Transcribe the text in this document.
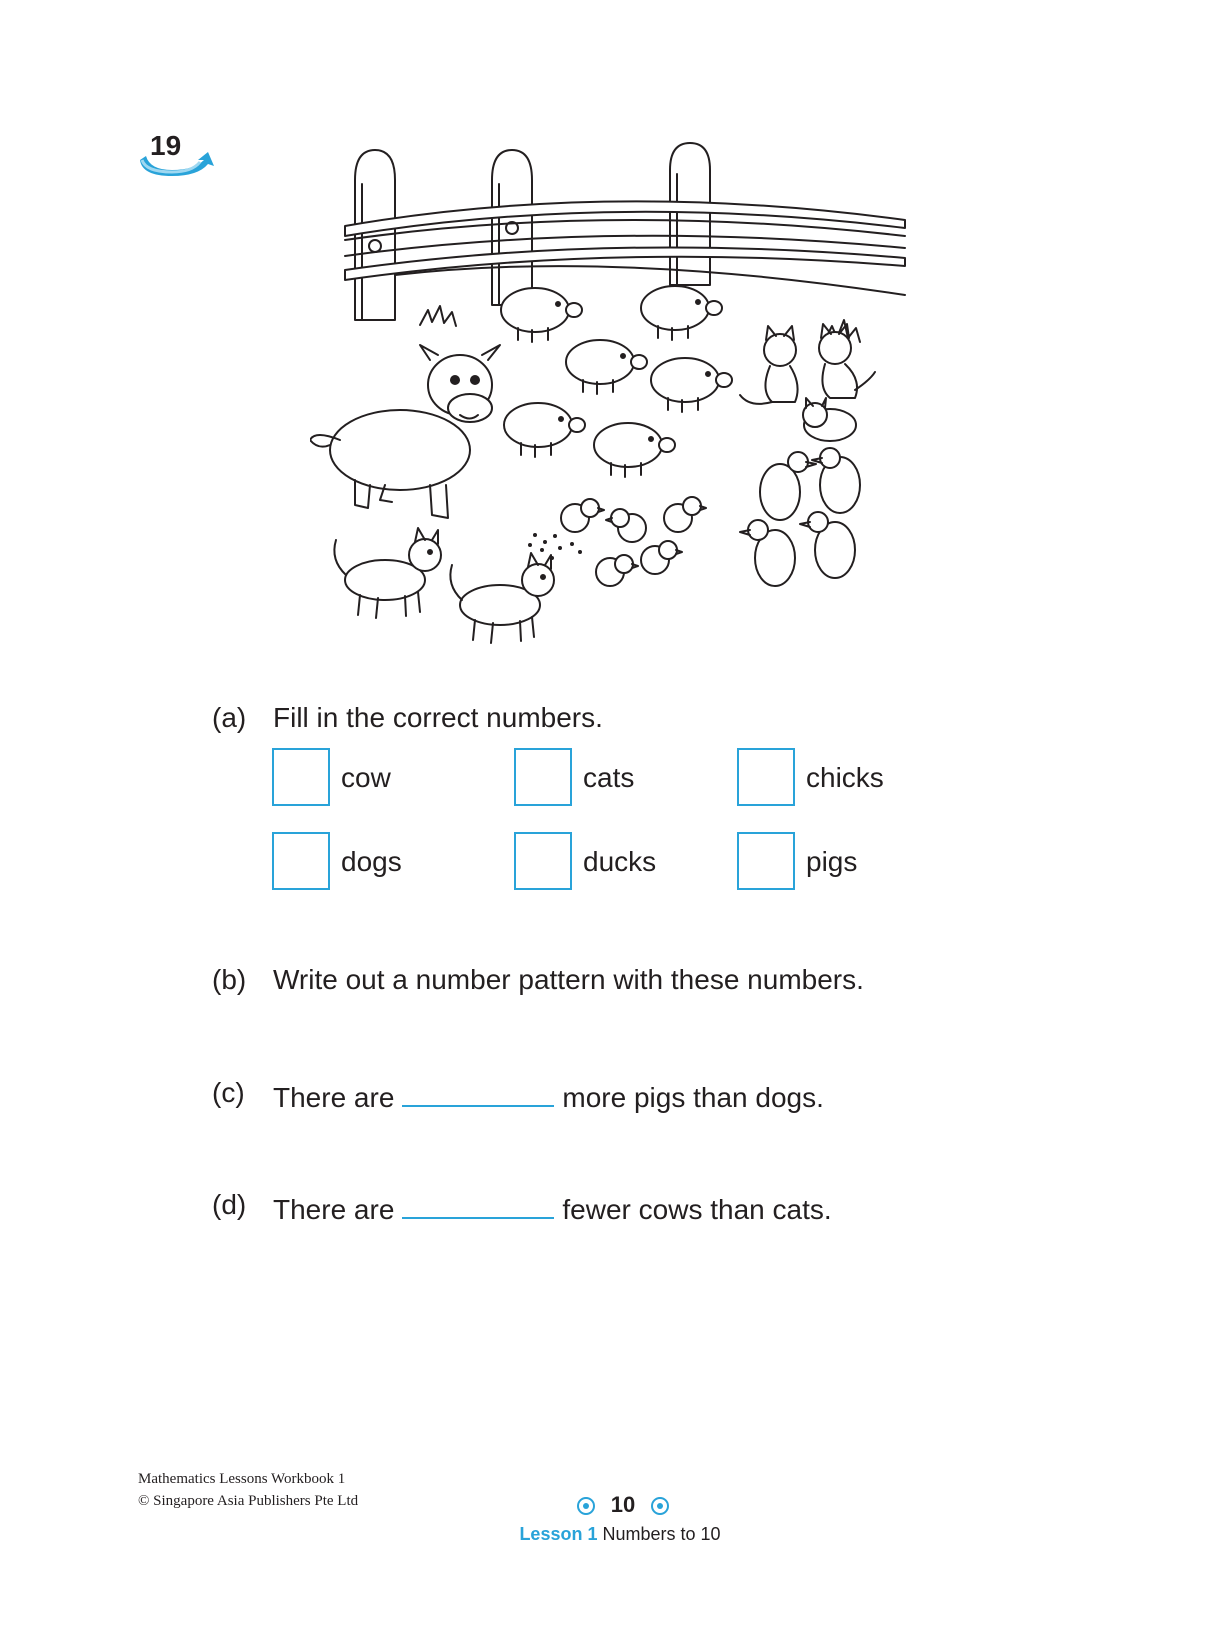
19
(a) Fill in the correct numbers.
cow	cats	chicks
dogs	ducks	pigs
(b) Write out a number pattern with these numbers.
(c) There are	more pigs than dogs.
(d) There are	fewer cows than cats.
Mathematics Lessons Workbook 1
© Singapore Asia Publishers Pte Ltd	10
Lesson 1 Numbers to 10
